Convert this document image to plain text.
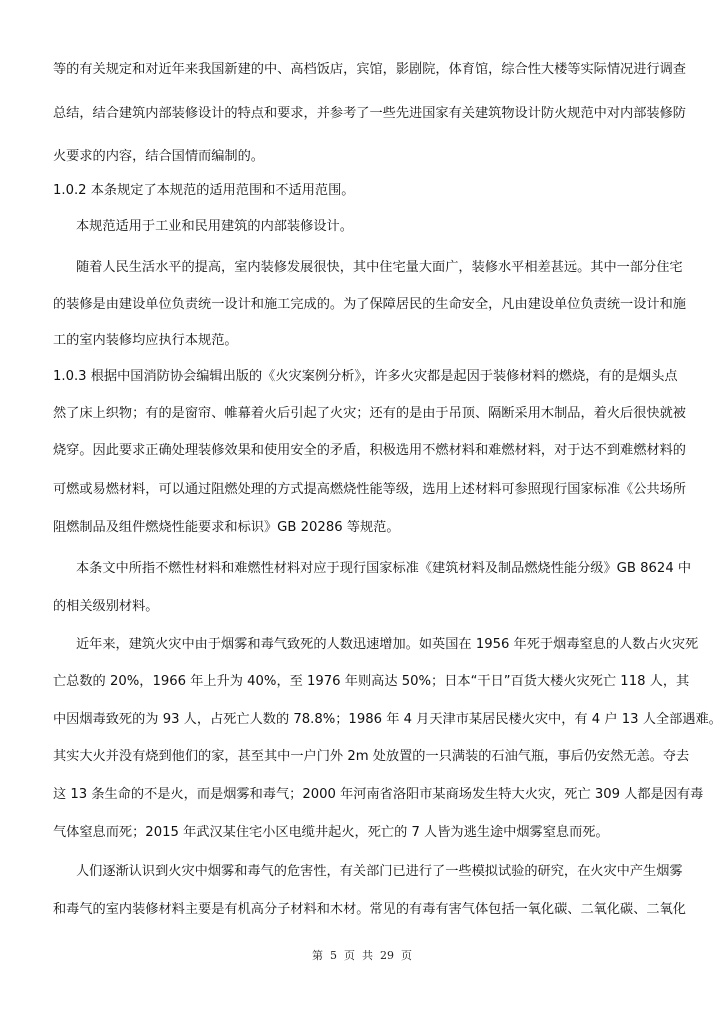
等的有关规定和对近年来我国新建的中、高档饭店，宾馆，影剧院，体育馆，综合性大楼等实际情况进行调查
总结，结合建筑内部装修设计的特点和要求，并参考了一些先进国家有关建筑物设计防火规范中对内部装修防
火要求的内容，结合国情而编制的。
1.0.2 本条规定了本规范的适用范围和不适用范围。
本规范适用于工业和民用建筑的内部装修设计。
随着人民生活水平的提高，室内装修发展很快，其中住宅量大面广，装修水平相差甚远。其中一部分住宅
的装修是由建设单位负责统一设计和施工完成的。为了保障居民的生命安全，凡由建设单位负责统一设计和施
工的室内装修均应执行本规范。
1.0.3 根据中国消防协会编辑出版的《火灾案例分析》，许多火灾都是起因于装修材料的燃烧，有的是烟头点
然了床上织物；有的是窗帘、帷幕着火后引起了火灾；还有的是由于吊顶、隔断采用木制品，着火后很快就被
烧穿。因此要求正确处理装修效果和使用安全的矛盾，积极选用不燃材料和难燃材料，对于达不到难燃材料的
可燃或易燃材料，可以通过阻燃处理的方式提高燃烧性能等级，选用上述材料可参照现行国家标准《公共场所
阻燃制品及组件燃烧性能要求和标识》GB 20286 等规范。
本条文中所指不燃性材料和难燃性材料对应于现行国家标准《建筑材料及制品燃烧性能分级》GB 8624 中
的相关级别材料。
近年来，建筑火灾中由于烟雾和毒气致死的人数迅速增加。如英国在 1956 年死于烟毒窒息的人数占火灾死
亡总数的 20%，1966 年上升为 40%，至 1976 年则高达 50%；日本“干日”百货大楼火灾死亡 118 人，其
中因烟毒致死的为 93 人，占死亡人数的 78.8%；1986 年 4 月天津市某居民楼火灾中，有 4 户 13 人全部遇难。
其实大火并没有烧到他们的家，甚至其中一户门外 2m 处放置的一只满装的石油气瓶，事后仍安然无恙。夺去
这 13 条生命的不是火，而是烟雾和毒气；2000 年河南省洛阳市某商场发生特大火灾，死亡 309 人都是因有毒
气体窒息而死；2015 年武汉某住宅小区电缆井起火，死亡的 7 人皆为逃生途中烟雾窒息而死。
人们逐渐认识到火灾中烟雾和毒气的危害性，有关部门已进行了一些模拟试验的研究，在火灾中产生烟雾
和毒气的室内装修材料主要是有机高分子材料和木材。常见的有毒有害气体包括一氧化碳、二氧化碳、二氧化
第  5  页  共  29  页
